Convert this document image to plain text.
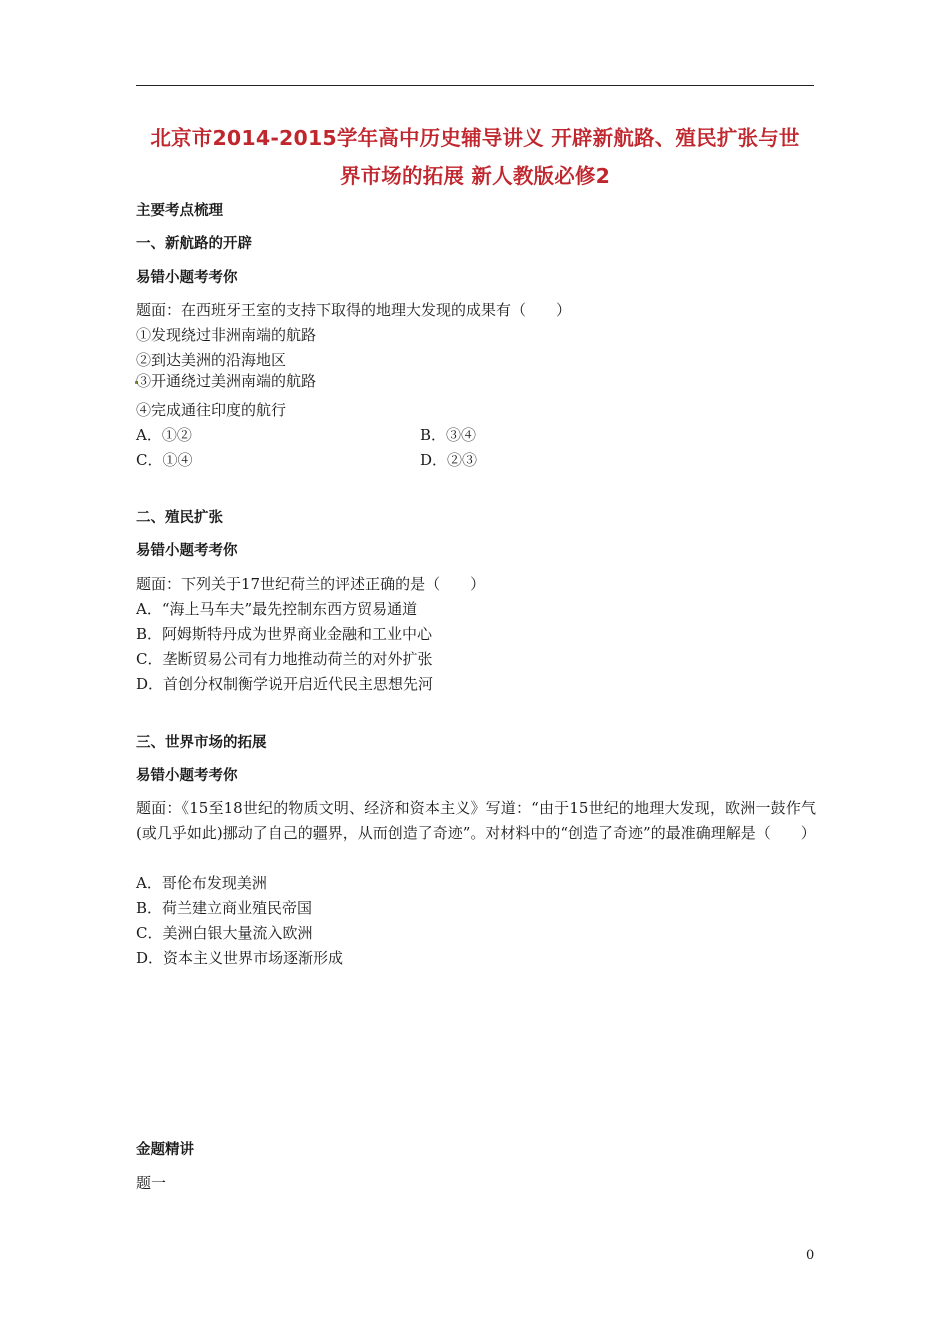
北京市2014-2015学年高中历史辅导讲义 开辟新航路、殖民扩张与世
界市场的拓展 新人教版必修2
主要考点梳理
一、新航路的开辟
易错小题考考你
题面：在西班牙王室的支持下取得的地理大发现的成果有（　　）
①发现绕过非洲南端的航路
②到达美洲的沿海地区
③开通绕过美洲南端的航路
④完成通往印度的航行
A．①②	B．③④
C．①④	D．②③
二、殖民扩张
易错小题考考你
题面：下列关于17世纪荷兰的评述正确的是（　　）
A．“海上马车夫”最先控制东西方贸易通道
B．阿姆斯特丹成为世界商业金融和工业中心
C．垄断贸易公司有力地推动荷兰的对外扩张
D．首创分权制衡学说开启近代民主思想先河
三、世界市场的拓展
易错小题考考你
题面：《15至18世纪的物质文明、经济和资本主义》写道：“由于15世纪的地理大发现，欧洲一鼓作气(或几乎如此)挪动了自己的疆界，从而创造了奇迹”。对材料中的“创造了奇迹”的最准确理解是（　　）
A．哥伦布发现美洲
B．荷兰建立商业殖民帝国
C．美洲白银大量流入欧洲
D．资本主义世界市场逐渐形成
金题精讲
题一
0
